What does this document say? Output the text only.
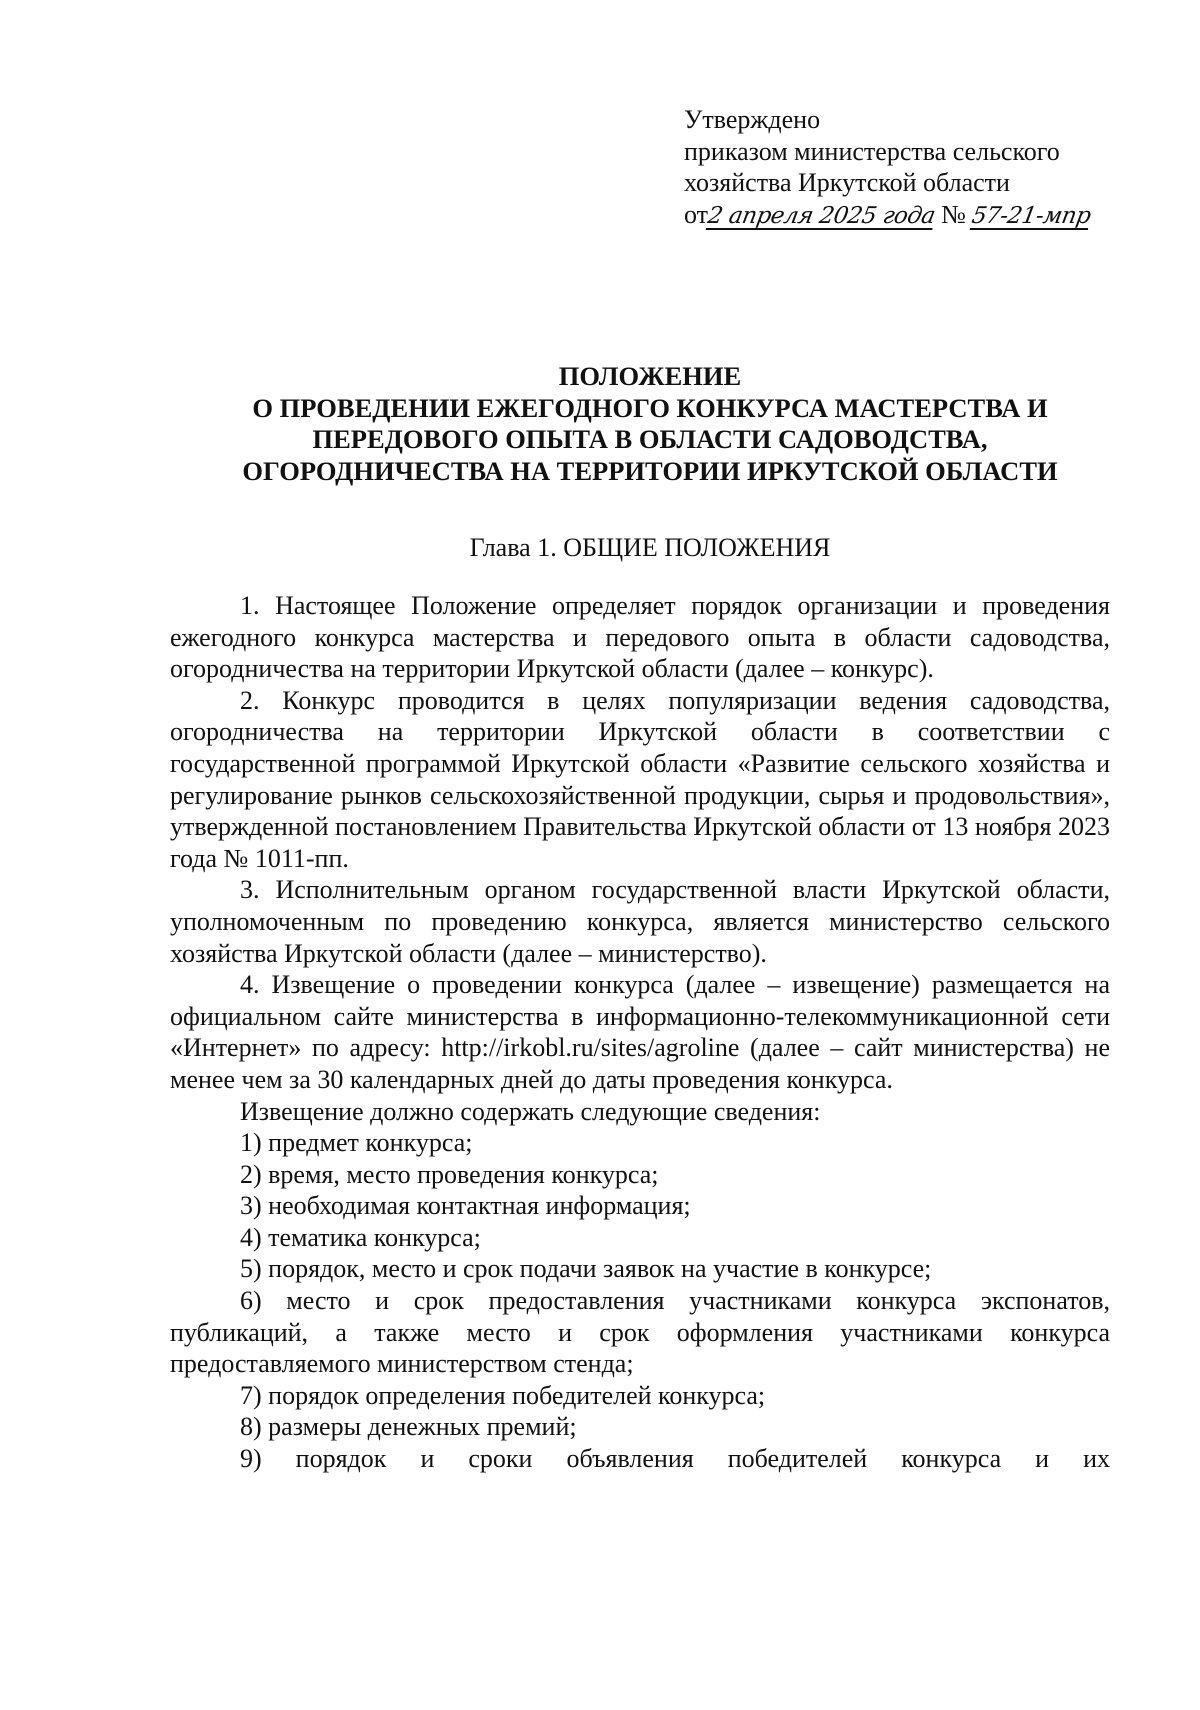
Утверждено
приказом министерства сельского
хозяйства Иркутской области
от2 апреля 2025 года № 57-21-мпр
ПОЛОЖЕНИЕ
О ПРОВЕДЕНИИ ЕЖЕГОДНОГО КОНКУРСА МАСТЕРСТВА И
ПЕРЕДОВОГО ОПЫТА В ОБЛАСТИ САДОВОДСТВА,
ОГОРОДНИЧЕСТВА НА ТЕРРИТОРИИ ИРКУТСКОЙ ОБЛАСТИ
Глава 1. ОБЩИЕ ПОЛОЖЕНИЯ

1. Настоящее Положение определяет порядок организации и проведения ежегодного конкурса мастерства и передового опыта в области садоводства, огородничества на территории Иркутской области (далее – конкурс).

2. Конкурс проводится в целях популяризации ведения садоводства, огородничества на территории Иркутской области в соответствии с государственной программой Иркутской области «Развитие сельского хозяйства и регулирование рынков сельскохозяйственной продукции, сырья и продовольствия», утвержденной постановлением Правительства Иркутской области от 13 ноября 2023 года № 1011-пп.

3. Исполнительным органом государственной власти Иркутской области, уполномоченным по проведению конкурса, является министерство сельского хозяйства Иркутской области (далее – министерство).

4. Извещение о проведении конкурса (далее – извещение) размещается на официальном сайте министерства в информационно-телекоммуникационной сети «Интернет» по адресу: http://irkobl.ru/sites/agroline (далее – сайт министерства) не менее чем за 30 календарных дней до даты проведения конкурса.

Извещение должно содержать следующие сведения:

1) предмет конкурса;

2) время, место проведения конкурса;

3) необходимая контактная информация;

4) тематика конкурса;

5) порядок, место и срок подачи заявок на участие в конкурсе;

6) место и срок предоставления участниками конкурса экспонатов, публикаций, а также место и срок оформления участниками конкурса предоставляемого министерством стенда;

7) порядок определения победителей конкурса;

8) размеры денежных премий;

9) порядок и сроки объявления победителей конкурса и их
